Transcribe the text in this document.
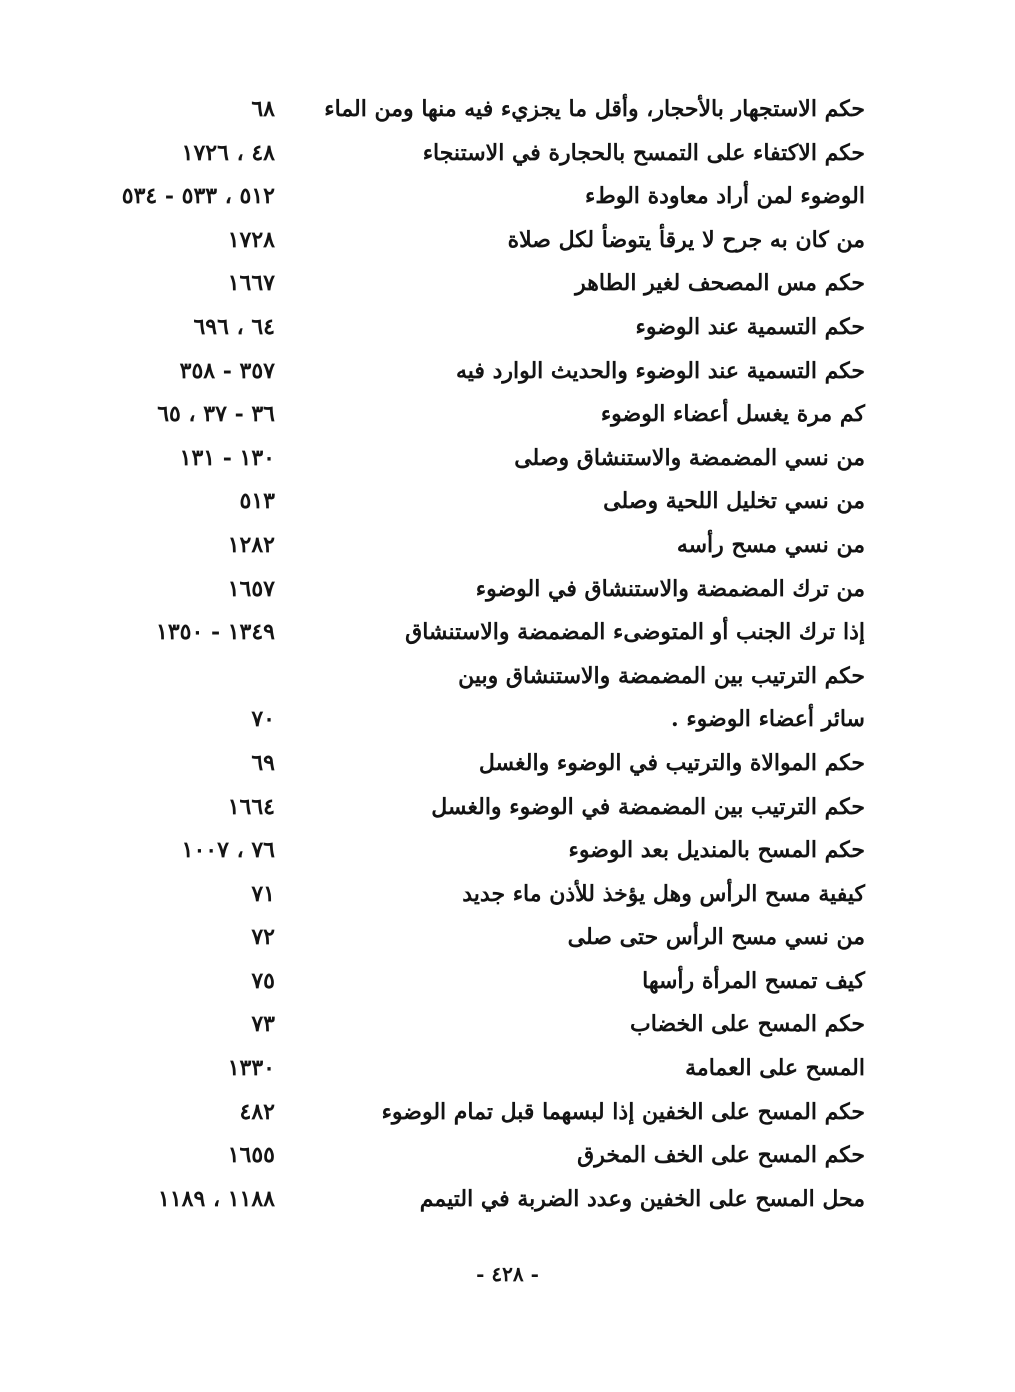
حكم الاستجهار بالأحجار، وأقل ما يجزيء فيه منها ومن الماء
٦٨
حكم الاكتفاء على التمسح بالحجارة في الاستنجاء
٤٨ ، ١٧٢٦
الوضوء لمن أراد معاودة الوطء
٥١٢ ، ٥٣٣ - ٥٣٤
من كان به جرح لا يرقأ يتوضأ لكل صلاة
١٧٢٨
حكم مس المصحف لغير الطاهر
١٦٦٧
حكم التسمية عند الوضوء
٦٤ ، ٦٩٦
حكم التسمية عند الوضوء والحديث الوارد فيه
٣٥٧ - ٣٥٨
كم مرة يغسل أعضاء الوضوء
٣٦ - ٣٧ ، ٦٥
من نسي المضمضة والاستنشاق وصلى
١٣٠ - ١٣١
من نسي تخليل اللحية وصلى
٥١٣
من نسي مسح رأسه
١٢٨٢
من ترك المضمضة والاستنشاق في الوضوء
١٦٥٧
إذا ترك الجنب أو المتوضىء المضمضة والاستنشاق
١٣٤٩ - ١٣٥٠
حكم الترتيب بين المضمضة والاستنشاق وبين
سائر أعضاء الوضوء .
٧٠
حكم الموالاة والترتيب في الوضوء والغسل
٦٩
حكم الترتيب بين المضمضة في الوضوء والغسل
١٦٦٤
حكم المسح بالمنديل بعد الوضوء
٧٦ ، ١٠٠٧
كيفية مسح الرأس وهل يؤخذ للأذن ماء جديد
٧١
من نسي مسح الرأس حتى صلى
٧٢
كيف تمسح المرأة رأسها
٧٥
حكم المسح على الخضاب
٧٣
المسح على العمامة
١٣٣٠
حكم المسح على الخفين إذا لبسهما قبل تمام الوضوء
٤٨٢
حكم المسح على الخف المخرق
١٦٥٥
محل المسح على الخفين وعدد الضربة في التيمم
١١٨٨ ، ١١٨٩
- ٤٢٨ -
